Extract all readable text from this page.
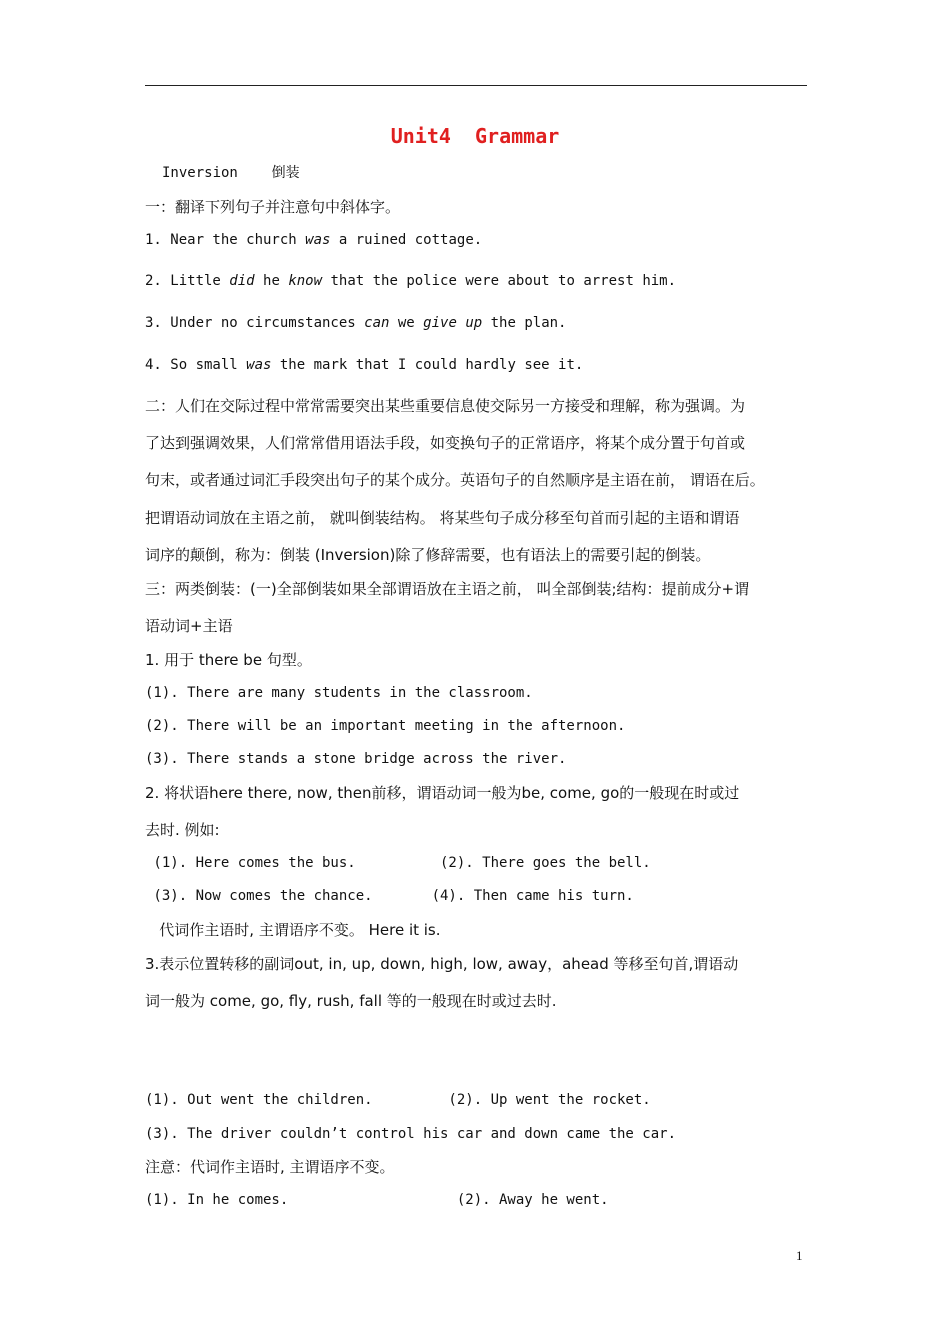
Unit4  Grammar
Inversion    倒装
一：翻译下列句子并注意句中斜体字。
1. Near the church was a ruined cottage.
2. Little did he know that the police were about to arrest him.
3. Under no circumstances can we give up the plan.
4. So small was the mark that I could hardly see it.
二：人们在交际过程中常常需要突出某些重要信息使交际另一方接受和理解，称为强调。为
了达到强调效果，人们常常借用语法手段，如变换句子的正常语序，将某个成分置于句首或
句末，或者通过词汇手段突出句子的某个成分。英语句子的自然顺序是主语在前， 谓语在后。
把谓语动词放在主语之前， 就叫倒装结构。 将某些句子成分移至句首而引起的主语和谓语
词序的颠倒，称为：倒装 (Inversion)除了修辞需要，也有语法上的需要引起的倒装。
三：两类倒装：(一)全部倒装如果全部谓语放在主语之前， 叫全部倒装;结构：提前成分+谓
语动词+主语
1. 用于 there be 句型。
(1). There are many students in the classroom.
(2). There will be an important meeting in the afternoon.
(3). There stands a stone bridge across the river.
2. 将状语here there, now, then前移，谓语动词一般为be, come, go的一般现在时或过
去时. 例如:
(1). Here comes the bus.          (2). There goes the bell.
(3). Now comes the chance.       (4). Then came his turn.
代词作主语时, 主谓语序不变。 Here it is.
3.表示位置转移的副词out, in, up, down, high, low, away，ahead 等移至句首,谓语动
词一般为 come, go, fly, rush, fall 等的一般现在时或过去时.
(1). Out went the children.         (2). Up went the rocket.
(3). The driver couldn’t control his car and down came the car.
注意：代词作主语时, 主谓语序不变。
(1). In he comes.                    (2). Away he went.
1
